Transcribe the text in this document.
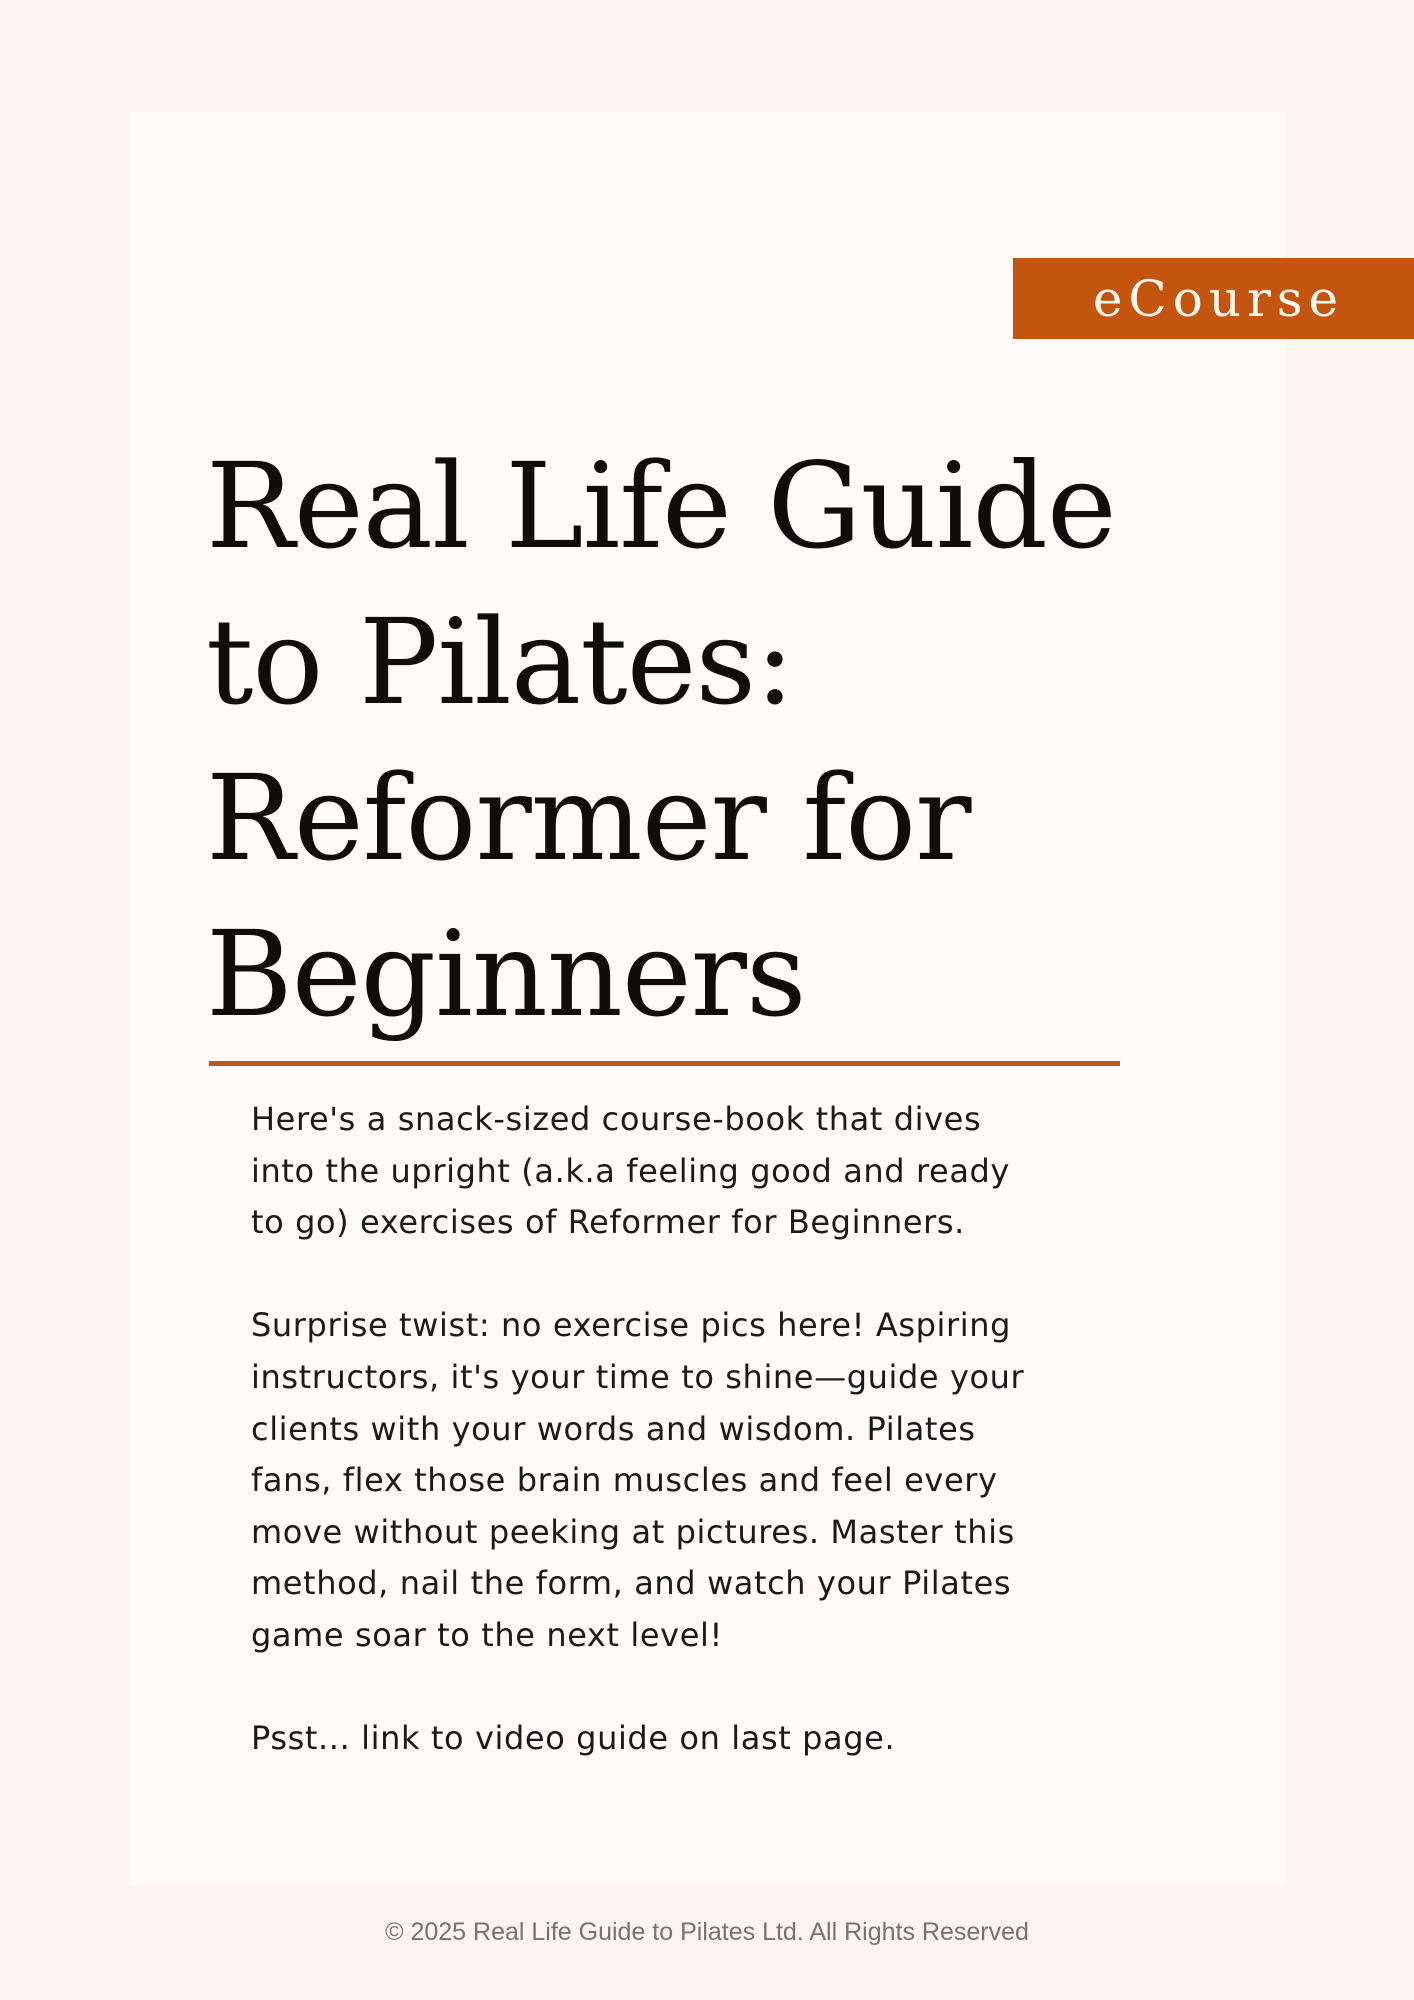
eCourse
Real Life Guide to Pilates: Reformer for Beginners

Here's a snack-sized course-book that dives into the upright (a.k.a feeling good and ready to go) exercises of Reformer for Beginners.

Surprise twist: no exercise pics here! Aspiring instructors, it's your time to shine—guide your clients with your words and wisdom. Pilates fans, flex those brain muscles and feel every move without peeking at pictures. Master this method, nail the form, and watch your Pilates game soar to the next level!

Psst... link to video guide on last page.

© 2025 Real Life Guide to Pilates Ltd. All Rights Reserved
